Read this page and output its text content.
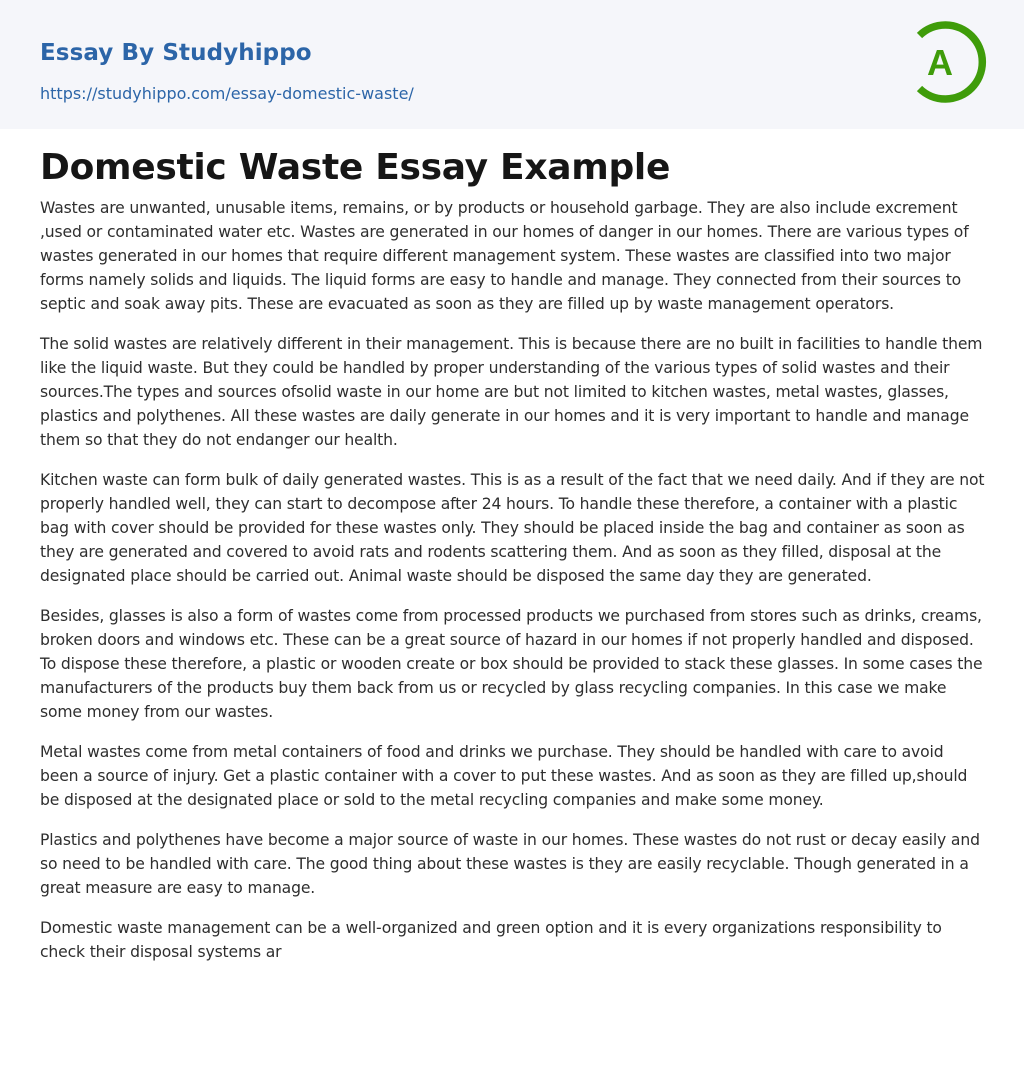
Essay By Studyhippo
https://studyhippo.com/essay-domestic-waste/
A
Domestic Waste Essay Example

Wastes are unwanted, unusable items, remains, or by products or household garbage. They are also include excrement ,used or contaminated water etc. Wastes are generated in our homes of danger in our homes. There are various types of wastes generated in our homes that require different management system. These wastes are classified into two major forms namely solids and liquids. The liquid forms are easy to handle and manage. They connected from their sources to septic and soak away pits. These are evacuated as soon as they are filled up by waste management operators.

The solid wastes are relatively different in their management. This is because there are no built in facilities to handle them like the liquid waste. But they could be handled by proper understanding of the various types of solid wastes and their sources.The types and sources ofsolid waste in our home are but not limited to kitchen wastes, metal wastes, glasses, plastics and polythenes. All these wastes are daily generate in our homes and it is very important to handle and manage them so that they do not endanger our health.

Kitchen waste can form bulk of daily generated wastes. This is as a result of the fact that we need daily. And if they are not properly handled well, they can start to decompose after 24 hours. To handle these therefore, a container with a plastic bag with cover should be provided for these wastes only. They should be placed inside the bag and container as soon as they are generated and covered to avoid rats and rodents scattering them. And as soon as they filled, disposal at the designated place should be carried out. Animal waste should be disposed the same day they are generated.

Besides, glasses is also a form of wastes come from processed products we purchased from stores such as drinks, creams, broken doors and windows etc. These can be a great source of hazard in our homes if not properly handled and disposed. To dispose these therefore, a plastic or wooden create or box should be provided to stack these glasses. In some cases the manufacturers of the products buy them back from us or recycled by glass recycling companies. In this case we make some money from our wastes.

Metal wastes come from metal containers of food and drinks we purchase. They should be handled with care to avoid been a source of injury. Get a plastic container with a cover to put these wastes. And as soon as they are filled up,should be disposed at the designated place or sold to the metal recycling companies and make some money.

Plastics and polythenes have become a major source of waste in our homes. These wastes do not rust or decay easily and so need to be handled with care. The good thing about these wastes is they are easily recyclable. Though generated in a great measure are easy to manage.

Domestic waste management can be a well-organized and green option and it is every organizations responsibility to check their disposal systems ar
